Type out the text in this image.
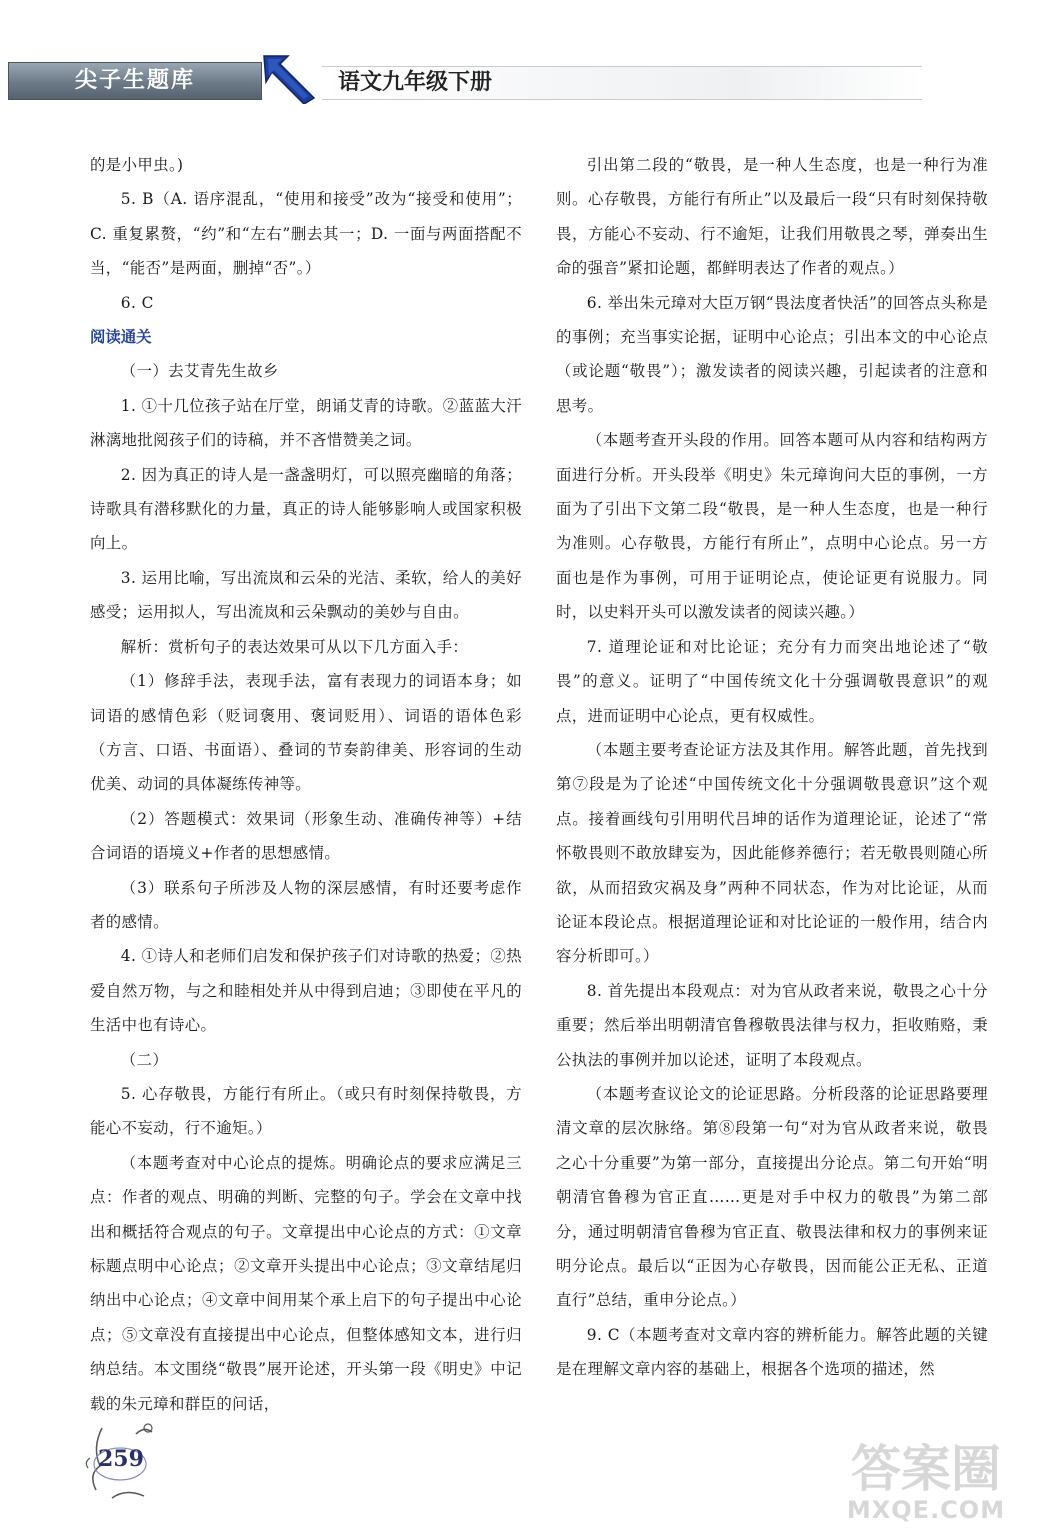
尖子生题库	语文九年级下册

的是小甲虫。)

5. B（A. 语序混乱，“使用和接受”改为“接受和使用”；C. 重复累赘，“约”和“左右”删去其一；D. 一面与两面搭配不当，“能否”是两面，删掉“否”。）

6. C

阅读通关

（一）去艾青先生故乡

1. ①十几位孩子站在厅堂，朗诵艾青的诗歌。②蓝蓝大汗淋漓地批阅孩子们的诗稿，并不吝惜赞美之词。

2. 因为真正的诗人是一盏盏明灯，可以照亮幽暗的角落；诗歌具有潜移默化的力量，真正的诗人能够影响人或国家积极向上。

3. 运用比喻，写出流岚和云朵的光洁、柔软，给人的美好感受；运用拟人，写出流岚和云朵飘动的美妙与自由。

解析：赏析句子的表达效果可从以下几方面入手：

（1）修辞手法，表现手法，富有表现力的词语本身；如词语的感情色彩（贬词褒用、褒词贬用）、词语的语体色彩（方言、口语、书面语）、叠词的节奏韵律美、形容词的生动优美、动词的具体凝练传神等。

（2）答题模式：效果词（形象生动、准确传神等）+结合词语的语境义+作者的思想感情。

（3）联系句子所涉及人物的深层感情，有时还要考虑作者的感情。

4. ①诗人和老师们启发和保护孩子们对诗歌的热爱；②热爱自然万物，与之和睦相处并从中得到启迪；③即使在平凡的生活中也有诗心。

（二）

5. 心存敬畏，方能行有所止。（或只有时刻保持敬畏，方能心不妄动，行不逾矩。）

（本题考查对中心论点的提炼。明确论点的要求应满足三点：作者的观点、明确的判断、完整的句子。学会在文章中找出和概括符合观点的句子。文章提出中心论点的方式：①文章标题点明中心论点；②文章开头提出中心论点；③文章结尾归纳出中心论点；④文章中间用某个承上启下的句子提出中心论点；⑤文章没有直接提出中心论点，但整体感知文本，进行归纳总结。本文围绕“敬畏”展开论述，开头第一段《明史》中记载的朱元璋和群臣的问话，

引出第二段的“敬畏，是一种人生态度，也是一种行为准则。心存敬畏，方能行有所止”以及最后一段“只有时刻保持敬畏，方能心不妄动、行不逾矩，让我们用敬畏之琴，弹奏出生命的强音”紧扣论题，都鲜明表达了作者的观点。）

6. 举出朱元璋对大臣万钢“畏法度者快活”的回答点头称是的事例；充当事实论据，证明中心论点；引出本文的中心论点（或论题“敬畏”）；激发读者的阅读兴趣，引起读者的注意和思考。

（本题考查开头段的作用。回答本题可从内容和结构两方面进行分析。开头段举《明史》朱元璋询问大臣的事例，一方面为了引出下文第二段“敬畏，是一种人生态度，也是一种行为准则。心存敬畏，方能行有所止”，点明中心论点。另一方面也是作为事例，可用于证明论点，使论证更有说服力。同时，以史料开头可以激发读者的阅读兴趣。）

7. 道理论证和对比论证；充分有力而突出地论述了“敬畏”的意义。证明了“中国传统文化十分强调敬畏意识”的观点，进而证明中心论点，更有权威性。

（本题主要考查论证方法及其作用。解答此题，首先找到第⑦段是为了论述“中国传统文化十分强调敬畏意识”这个观点。接着画线句引用明代吕坤的话作为道理论证，论述了“常怀敬畏则不敢放肆妄为，因此能修养德行；若无敬畏则随心所欲，从而招致灾祸及身”两种不同状态，作为对比论证，从而论证本段论点。根据道理论证和对比论证的一般作用，结合内容分析即可。）

8. 首先提出本段观点：对为官从政者来说，敬畏之心十分重要；然后举出明朝清官鲁穆敬畏法律与权力，拒收贿赂，秉公执法的事例并加以论述，证明了本段观点。

（本题考查议论文的论证思路。分析段落的论证思路要理清文章的层次脉络。第⑧段第一句“对为官从政者来说，敬畏之心十分重要”为第一部分，直接提出分论点。第二句开始“明朝清官鲁穆为官正直……更是对手中权力的敬畏”为第二部分，通过明朝清官鲁穆为官正直、敬畏法律和权力的事例来证明分论点。最后以“正因为心存敬畏，因而能公正无私、正道直行”总结，重申分论点。）

9. C（本题考查对文章内容的辨析能力。解答此题的关键是在理解文章内容的基础上，根据各个选项的描述，然

259	答案圈
MXQE.COM
